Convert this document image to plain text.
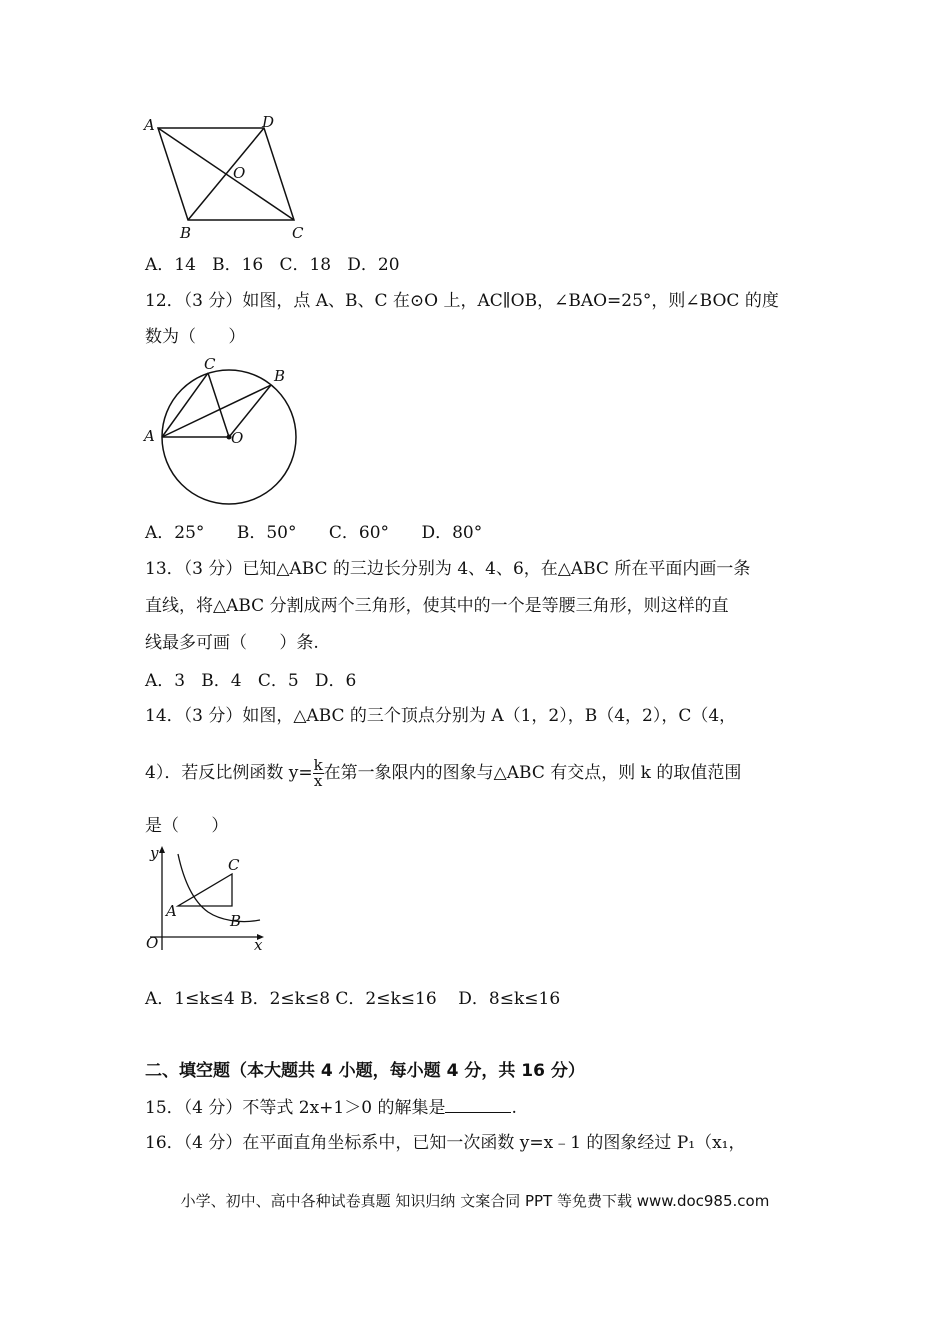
A	D
O
B	C
A．14   B．16   C．18   D．20
12．（3 分）如图，点 A、B、C 在⊙O 上，AC∥OB，∠BAO=25°，则∠BOC 的度
数为（      ）
A
C
B
O
A．25°      B．50°      C．60°      D．80°
13．（3 分）已知△ABC 的三边长分别为 4、4、6，在△ABC 所在平面内画一条
直线，将△ABC 分割成两个三角形，使其中的一个是等腰三角形，则这样的直
线最多可画（      ）条.
A．3   B．4   C．5   D．6
14．（3 分）如图，△ABC 的三个顶点分别为 A（1，2），B（4，2），C（4，
4）．若反比例函数 $y= \frac{k}{x}$ 在第一象限内的图象与△ABC 有交点，则 k 的取值范围
是（      ）
y
x
O
A
B
C
A．1≤k≤4 B．2≤k≤8 C．2≤k≤16    D．8≤k≤16
二、填空题（本大题共 4 小题，每小题 4 分，共 16 分）
15．（4 分）不等式 2x+1＞0 的解集是	.
16．（4 分）在平面直角坐标系中，已知一次函数 y=x﹣1 的图象经过 P₁（x₁，
小学、初中、高中各种试卷真题 知识归纳 文案合同 PPT 等免费下载 www.doc985.com
